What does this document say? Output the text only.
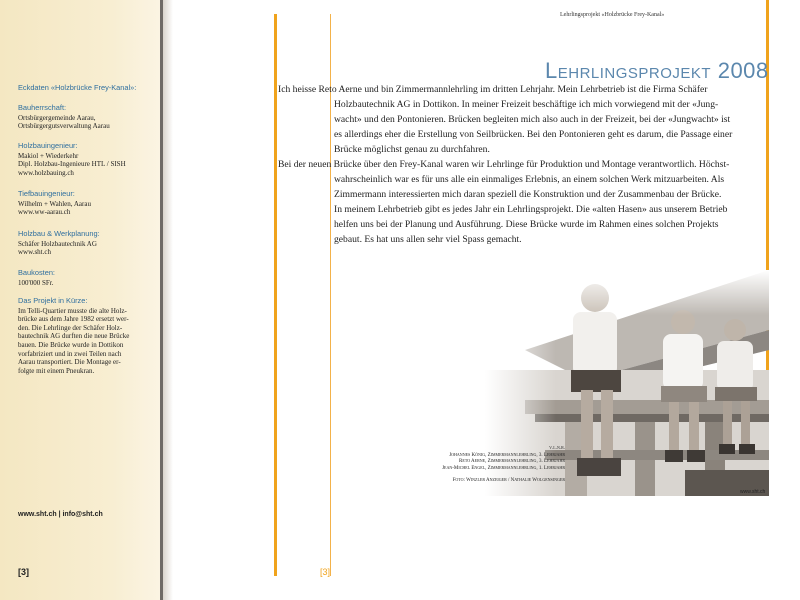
Eckdaten «Holzbrücke Frey-Kanal»:
Bauherrschaft:
Ortsbürgergemeinde Aarau,
Ortsbürgergutsverwaltung Aarau
Holzbauingenieur:
Makiol + Wiederkehr
Dipl. Holzbau-Ingenieure HTL / SISH
www.holzbauing.ch
Tiefbauingenieur:
Wilhelm + Wahlen, Aarau
www.ww-aarau.ch
Holzbau & Werkplanung:
Schäfer Holzbautechnik AG
www.sht.ch
Baukosten:
100'000 SFr.
Das Projekt in Kürze:
Im Telli-Quartier musste die alte Holz-
brücke aus dem Jahre 1982 ersetzt wer-
den. Die Lehrlinge der Schäfer Holz-
bautechnik AG durften die neue Brücke
bauen. Die Brücke wurde in Dottikon
vorfabriziert und in zwei Teilen nach
Aarau transportiert. Die Montage er-
folgte mit einem Pneukran.
www.sht.ch | info@sht.ch
[3]	[3]
Lehrlingsprojekt «Holzbrücke Frey-Kanal»
Lehrlingsprojekt 2008
Ich heisse Reto Aerne und bin Zimmermannlehrling im dritten Lehrjahr. Mein Lehrbetrieb ist die Firma Schäfer
Holzbautechnik AG in Dottikon. In meiner Freizeit beschäftige ich mich vorwiegend mit der «Jung-
wacht» und den Pontonieren. Brücken begleiten mich also auch in der Freizeit, bei der «Jungwacht» ist
es allerdings eher die Erstellung von Seilbrücken. Bei den Pontonieren geht es darum, die Passage einer
Brücke möglichst genau zu durchfahren.
Bei der neuen Brücke über den Frey-Kanal waren wir Lehrlinge für Produktion und Montage verantwortlich. Höchst-
wahrscheinlich war es für uns alle ein einmaliges Erlebnis, an einem solchen Werk mitzuarbeiten. Als
Zimmermann interessierten mich daran speziell die Konstruktion und der Zusammenbau der Brücke.
In meinem Lehrbetrieb gibt es jedes Jahr ein Lehrlingsprojekt. Die «alten Hasen» aus unserem Betrieb
helfen uns bei der Planung und Ausführung. Diese Brücke wurde im Rahmen eines solchen Projekts
gebaut. Es hat uns allen sehr viel Spass gemacht.
www.sht.ch
v.l.n.r.
Johannes König, Zimmermannlehrling, 3. Lehrjahr
Reto Aerne, Zimmermannlehrling, 3. Lehrjahr
Jean-Michel Engel, Zimmermannlehrling, 1. Lehrjahr
Foto: Winzler Anzeiger / Nathalie Wolgensinger
